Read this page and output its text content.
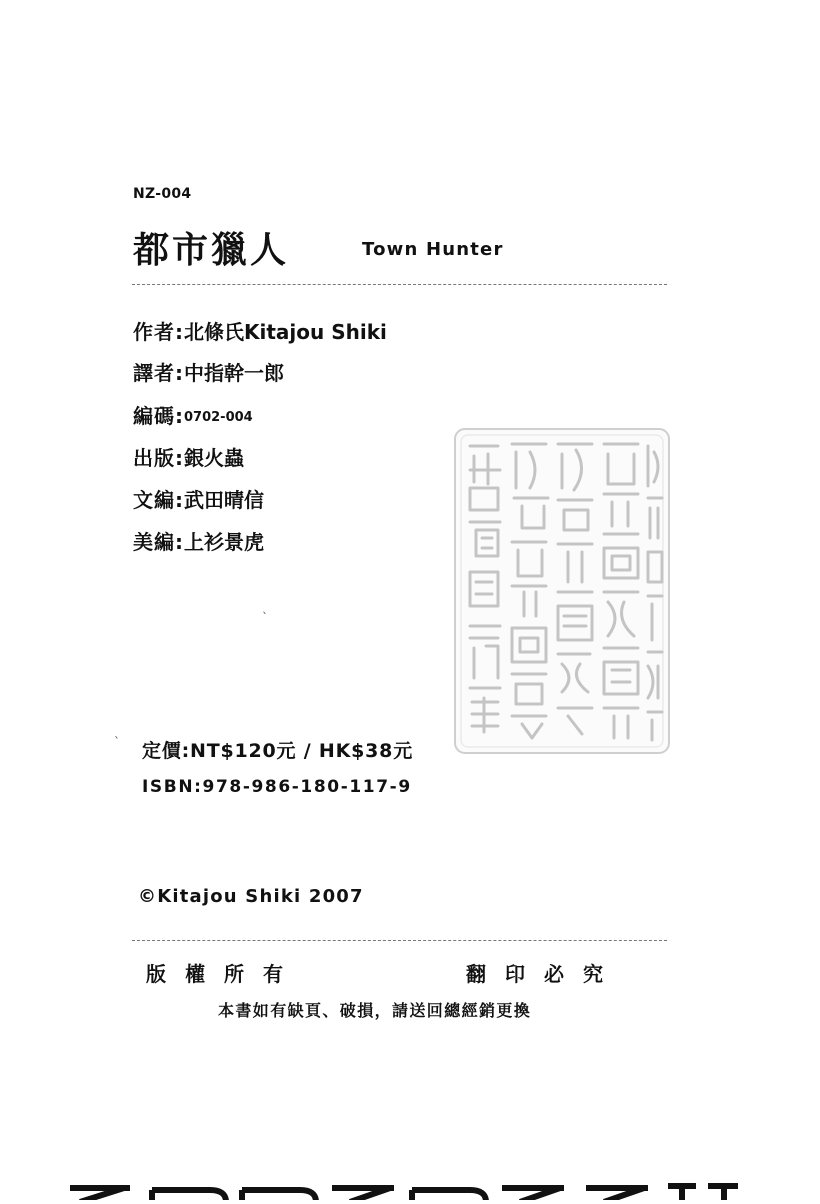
NZ-004
都市獵人	Town Hunter
作者:北條氏Kitajou Shiki
譯者:中指幹一郎
編碼:0702-004
出版:銀火蟲
文編:武田晴信
美編:上衫景虎
ˎ
ˋ 定價:NT$120元 / HK$38元
ISBN:978-986-180-117-9
©Kitajou Shiki 2007
版權所有	翻印必究
本書如有缺頁、破損，請送回總經銷更換
